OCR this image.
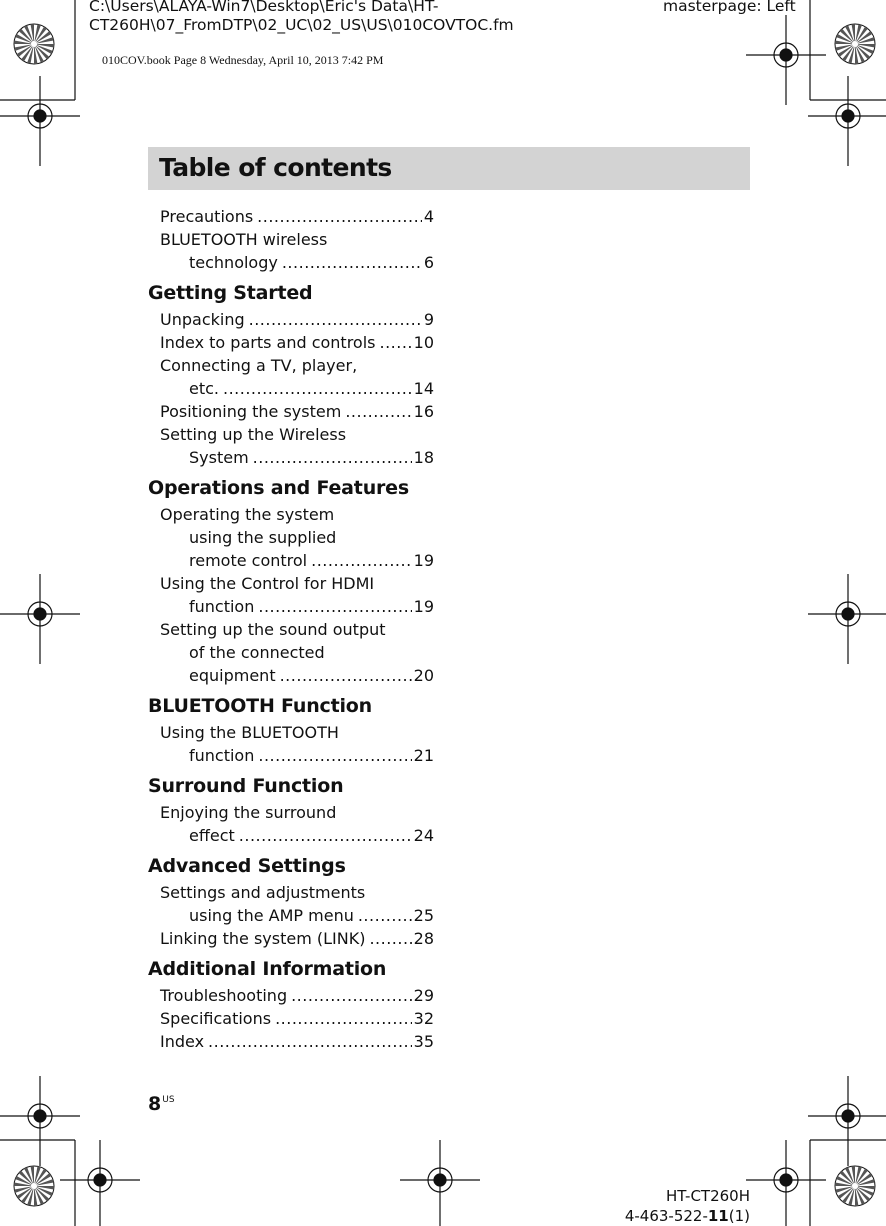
C:\Users\ALAYA-Win7\Desktop\Eric's Data\HT-
CT260H\07_FromDTP\02_UC\02_US\US\010COVTOC.fm
masterpage: Left
010COV.book Page 8 Wednesday, April 10, 2013 7:42 PM
Table of contents
Precautions .....	4
BLUETOOTH wireless
technology .....	6
Getting Started
Unpacking .....	9
Index to parts and controls ..... 10
Connecting a TV, player,
etc. .....	14
Positioning the system .....	16
Setting up the Wireless
System .....	18
Operations and Features
Operating the system
using the supplied
remote control .....	19
Using the Control for HDMI
function .....	19
Setting up the sound output
of the connected
equipment .....	20
BLUETOOTH Function
Using the BLUETOOTH
function .....	21
Surround Function
Enjoying the surround
effect .....	24
Advanced Settings
Settings and adjustments
using the AMP menu .....	25
Linking the system (LINK) .....	28
Additional Information
Troubleshooting .....	29
Specifications .....	32
Index .....	35
$8^{US}$
HT-CT260H
4-463-522-11(1)
